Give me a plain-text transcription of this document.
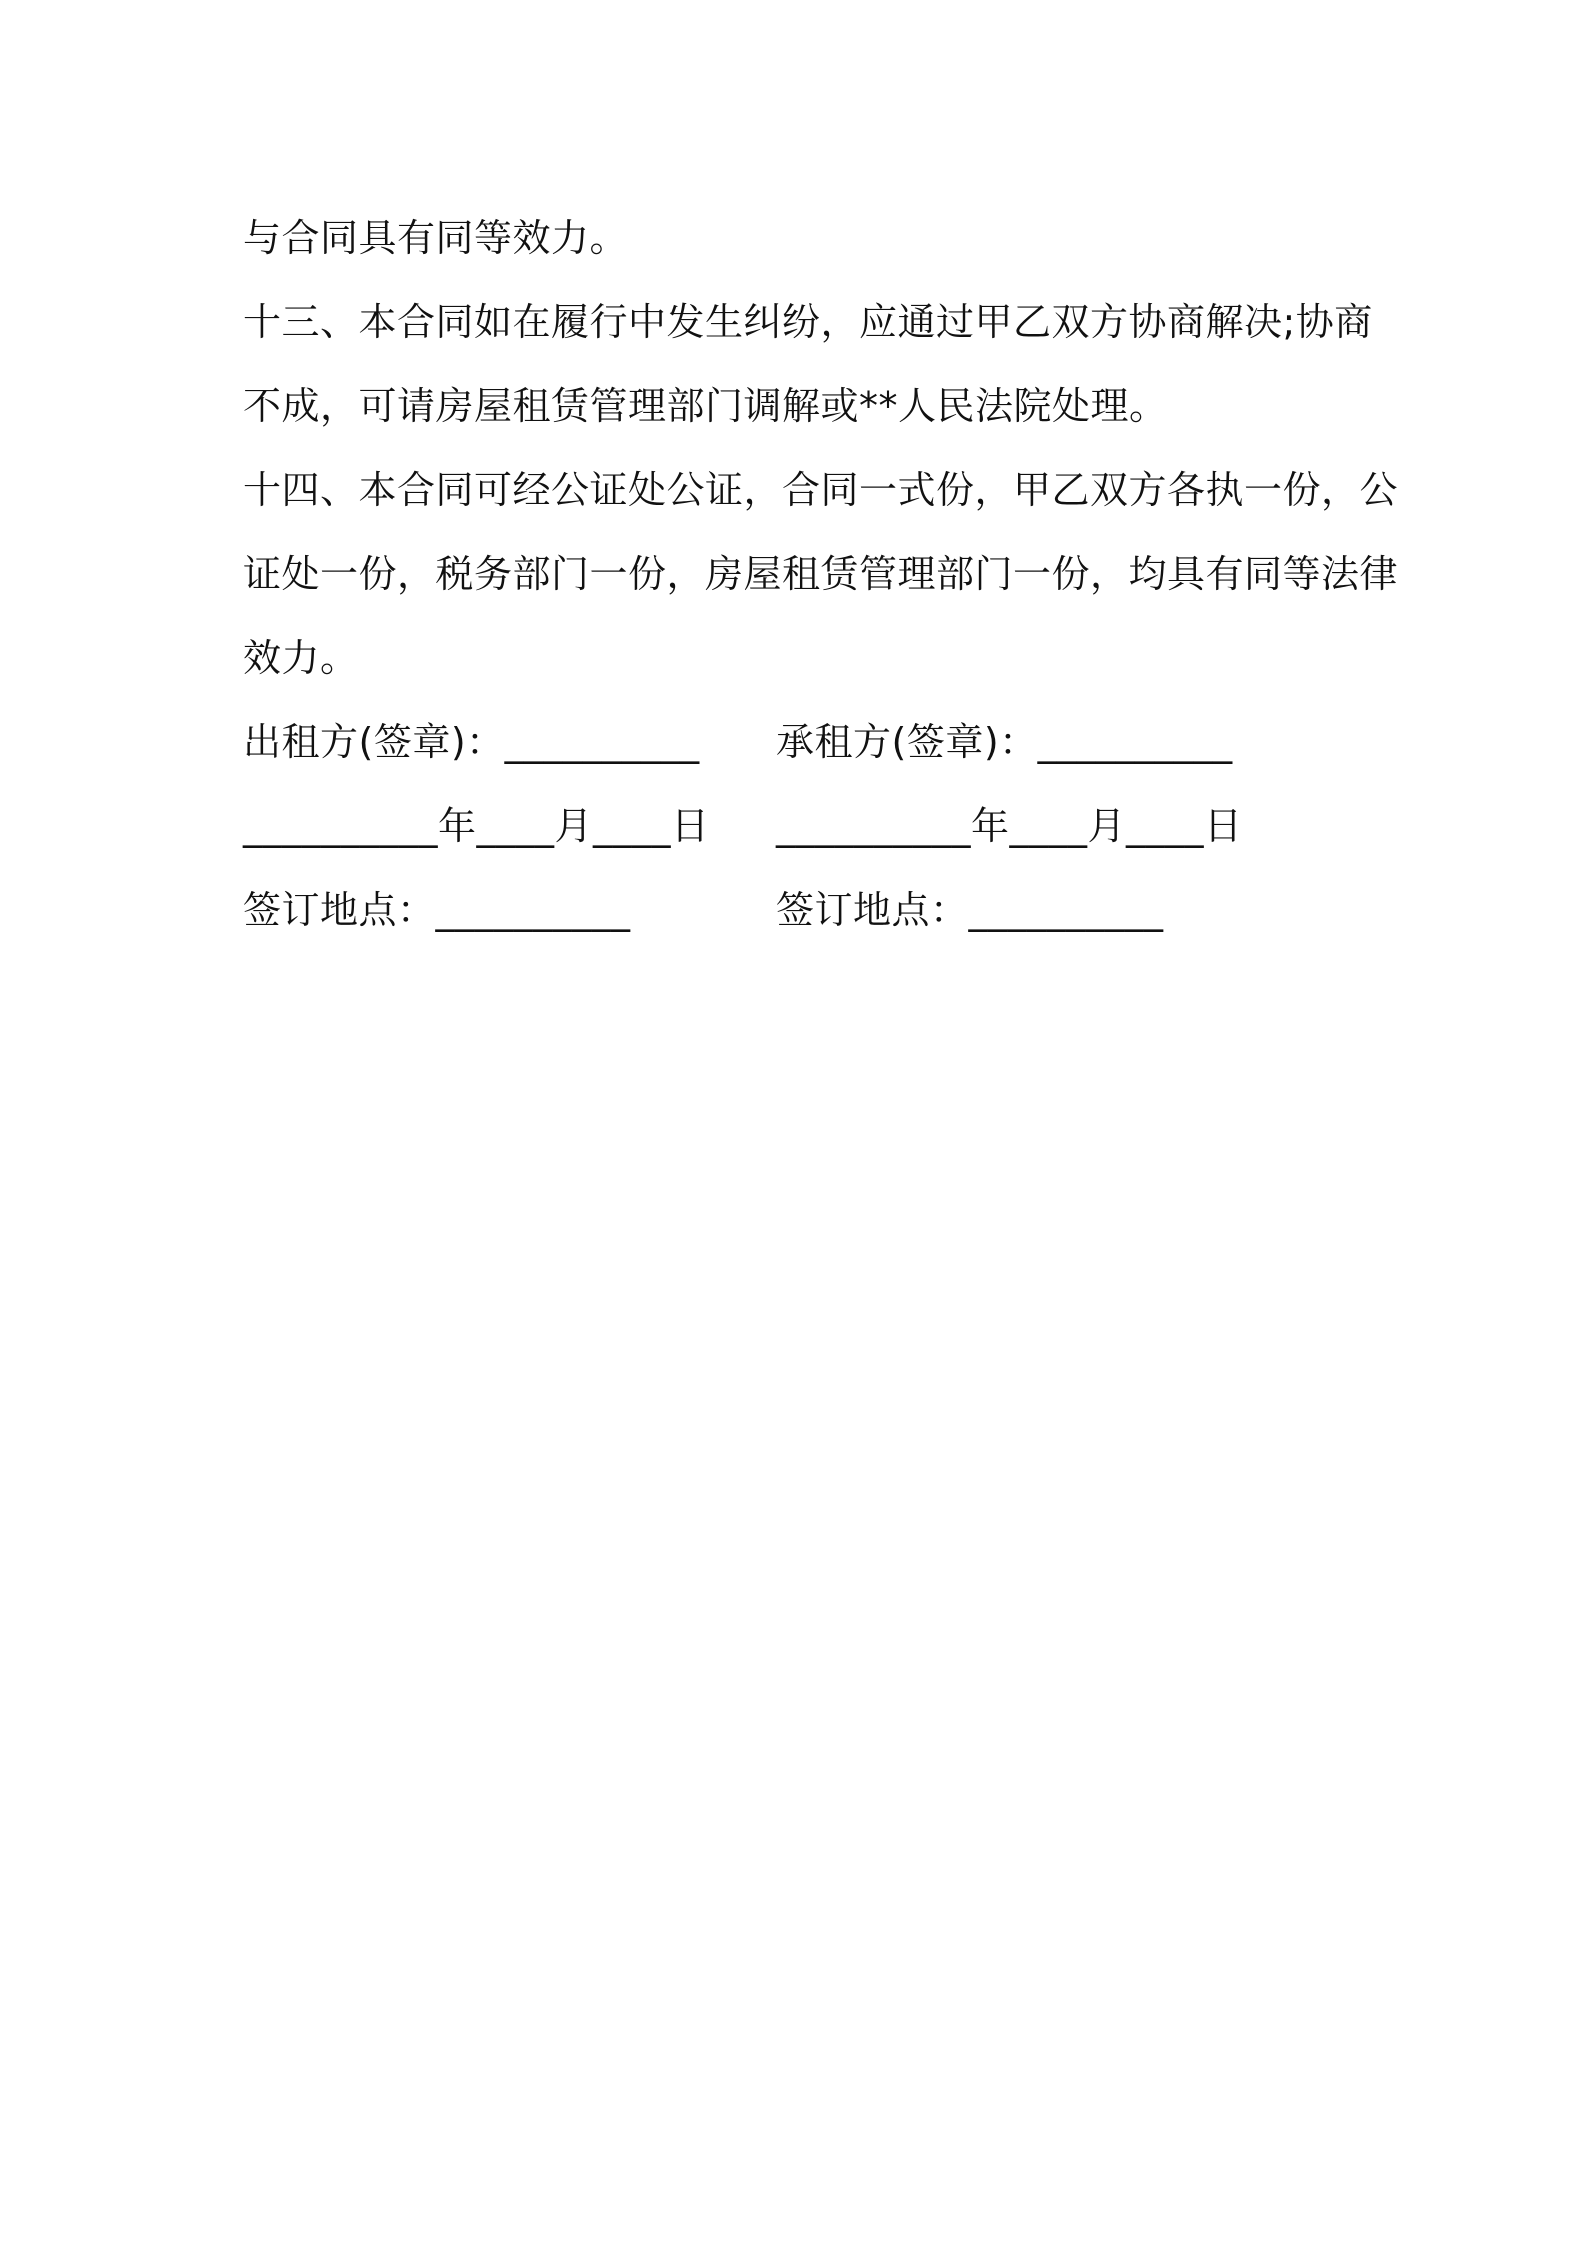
与合同具有同等效力。
十三、本合同如在履行中发生纠纷，应通过甲乙双方协商解决;协商
不成，可请房屋租赁管理部门调解或**人民法院处理。
十四、本合同可经公证处公证，合同一式份，甲乙双方各执一份，公
证处一份，税务部门一份，房屋租赁管理部门一份，均具有同等法律
效力。
出租方(签章)：__________ 承租方(签章)：__________
__________年____月____日 __________年____月____日
签订地点：__________	签订地点：__________
